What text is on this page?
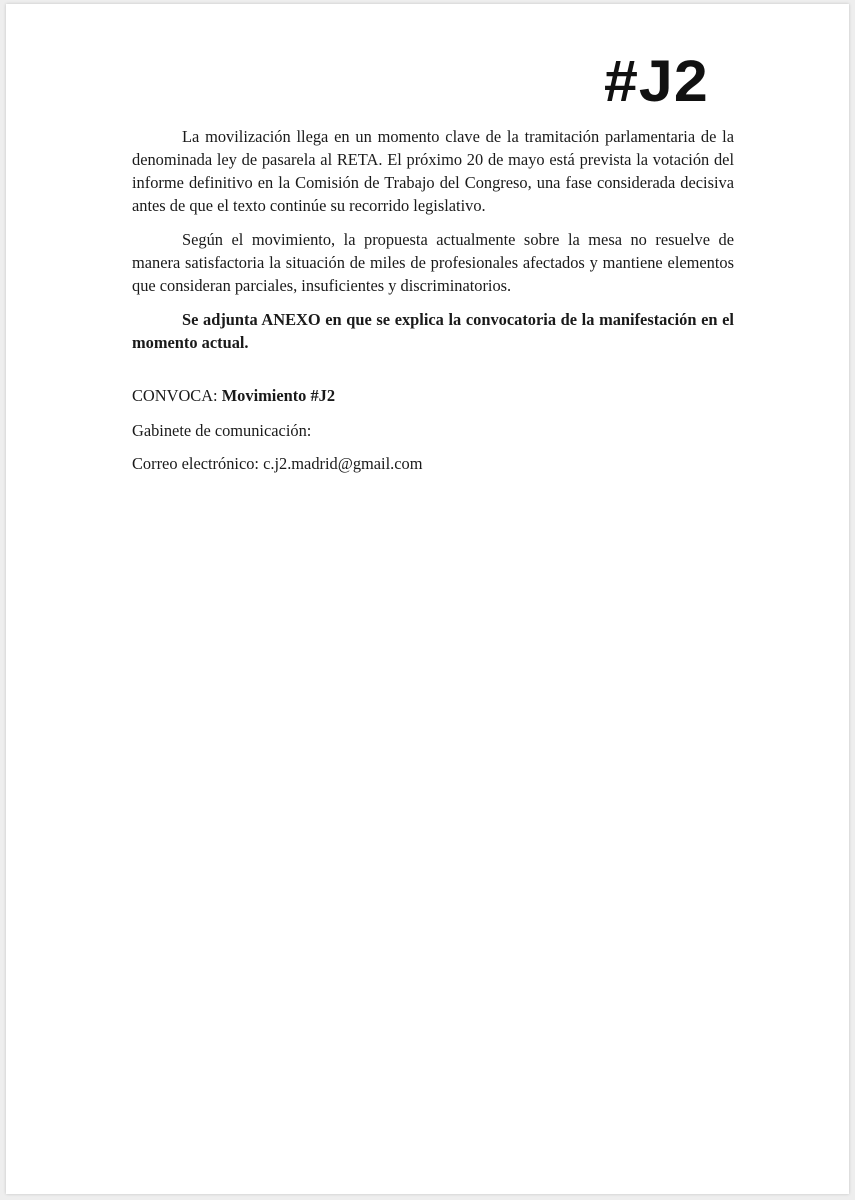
#J2

La movilización llega en un momento clave de la tramitación parlamentaria de la denominada ley de pasarela al RETA. El próximo 20 de mayo está prevista la votación del informe definitivo en la Comisión de Trabajo del Congreso, una fase considerada decisiva antes de que el texto continúe su recorrido legislativo.

Según el movimiento, la propuesta actualmente sobre la mesa no resuelve de manera satisfactoria la situación de miles de profesionales afectados y mantiene elementos que consideran parciales, insuficientes y discriminatorios.

Se adjunta ANEXO en que se explica la convocatoria de la manifestación en el momento actual.

CONVOCA: Movimiento #J2

Gabinete de comunicación:

Correo electrónico: c.j2.madrid@gmail.com
